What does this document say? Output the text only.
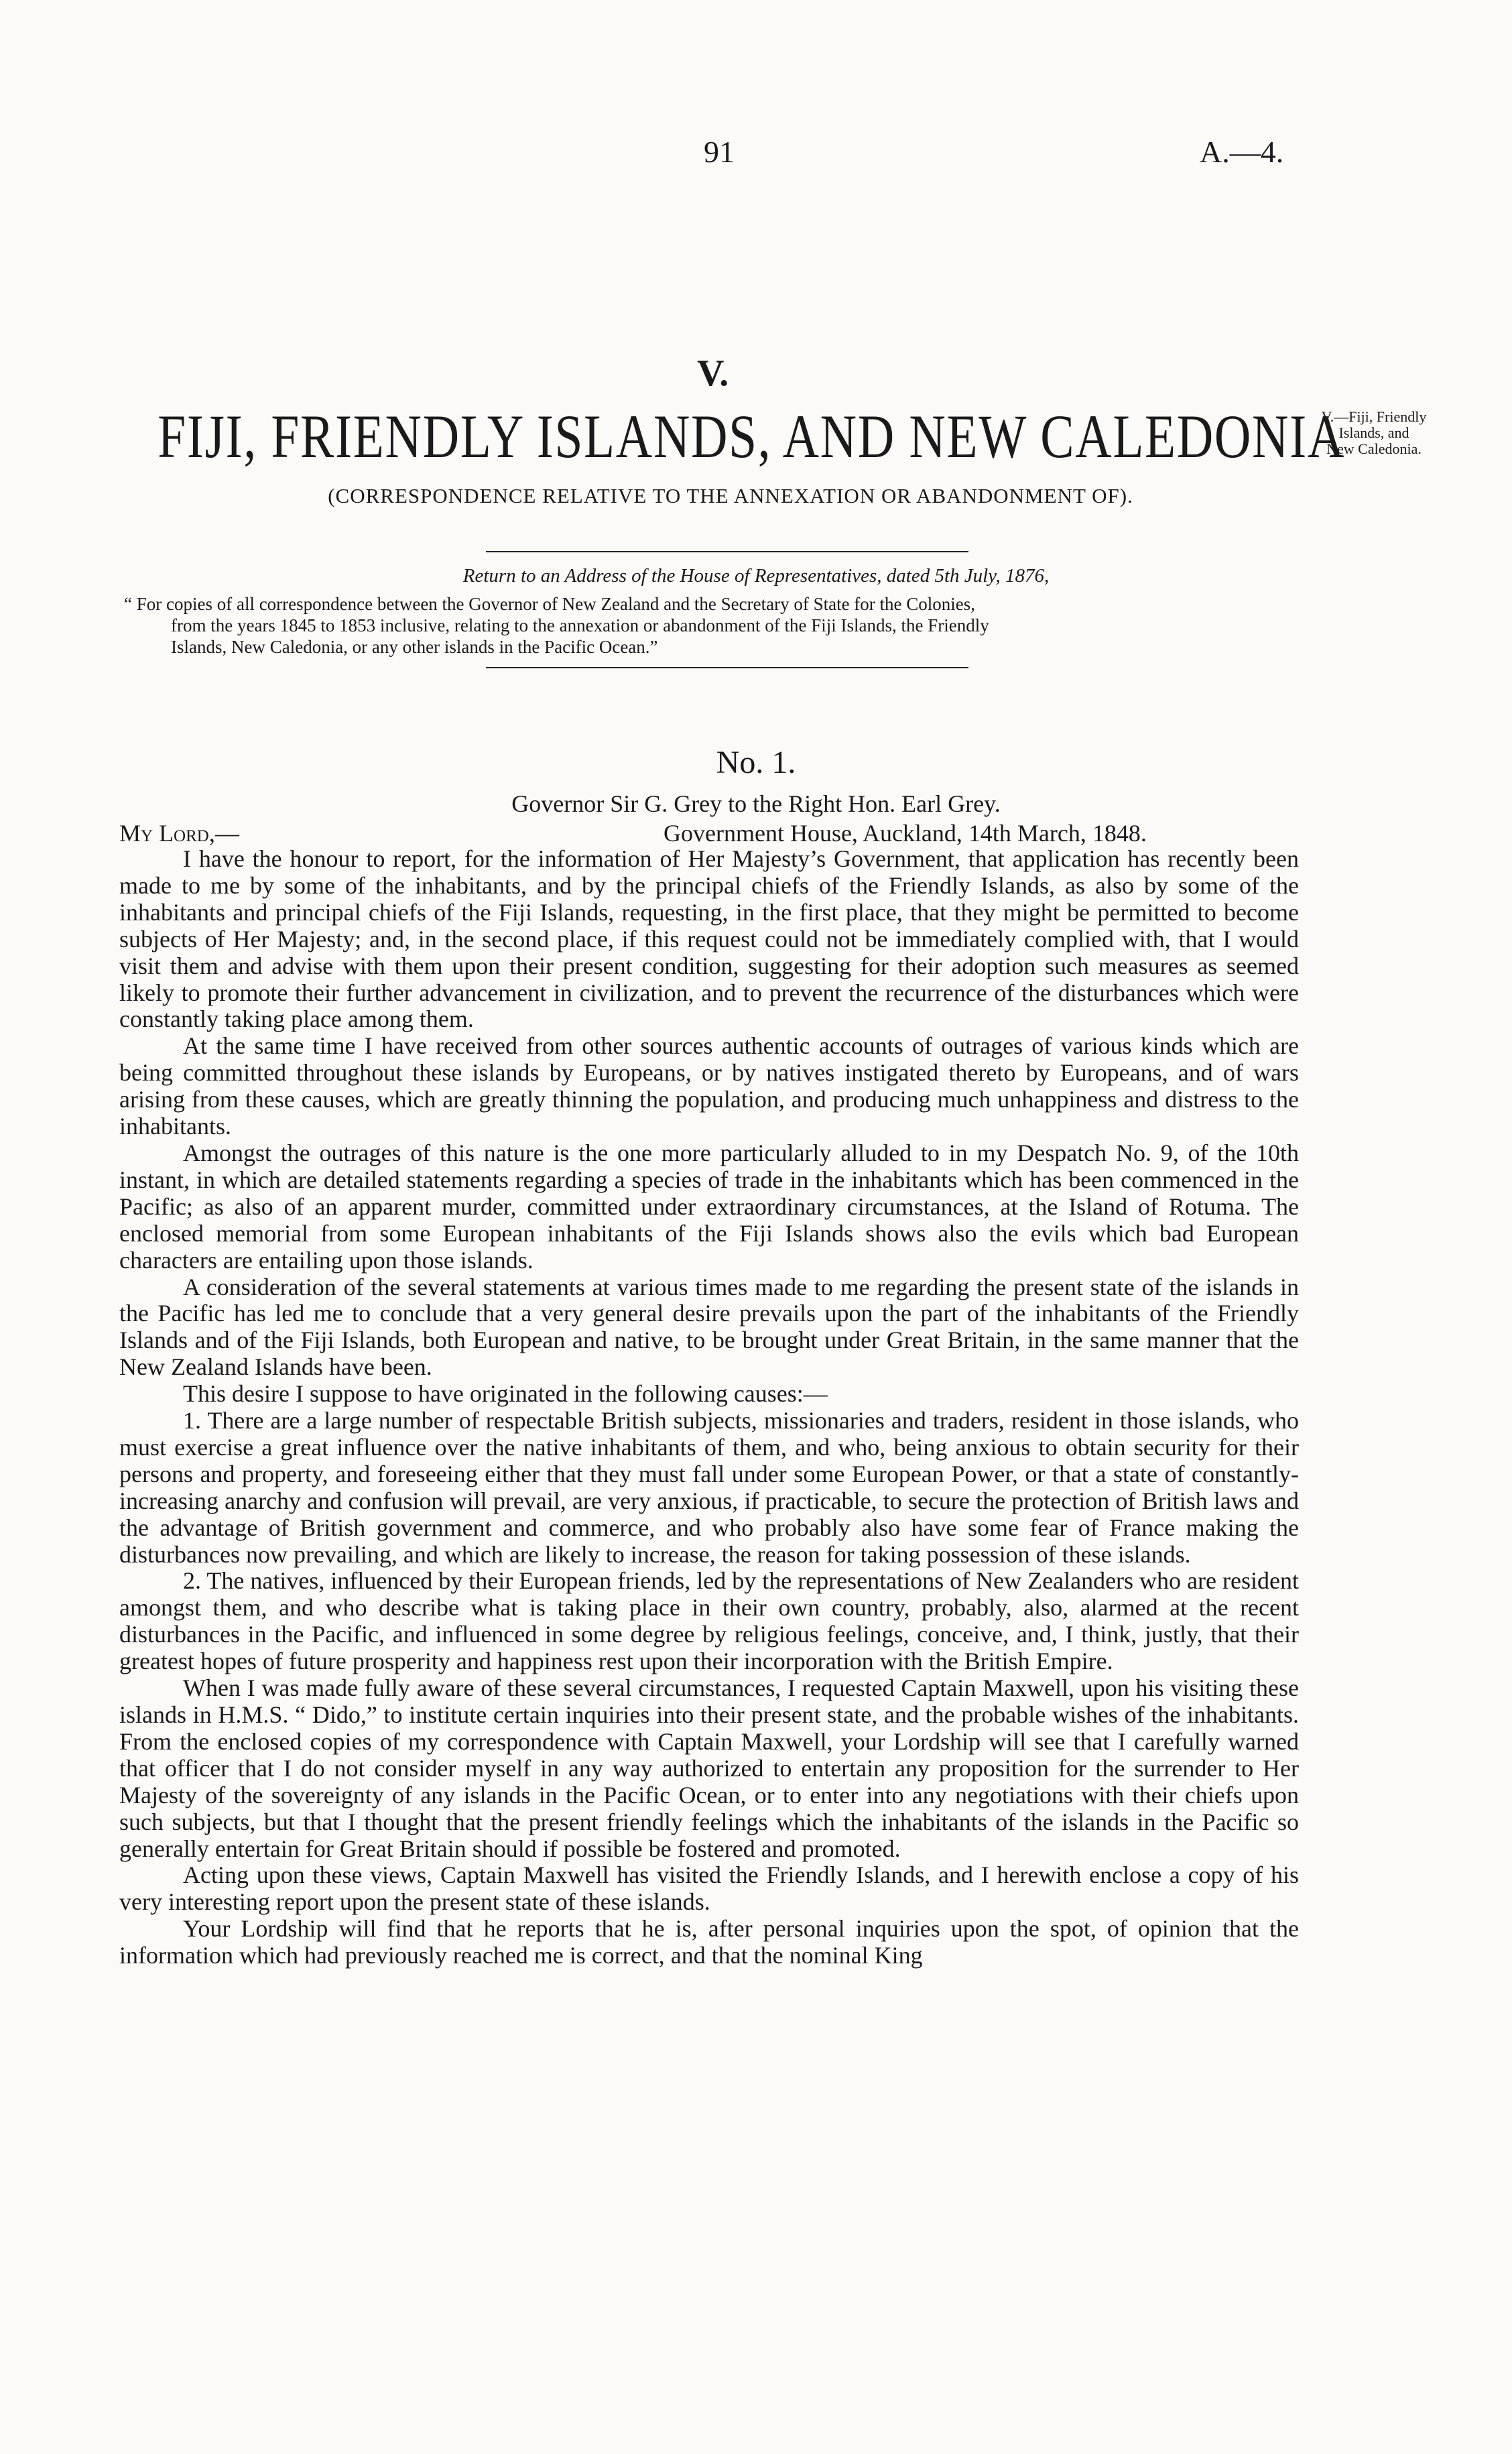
91	A.—4.
V.
FIJI, FRIENDLY ISLANDS, AND NEW CALEDONIA
(CORRESPONDENCE RELATIVE TO THE ANNEXATION OR ABANDONMENT OF).
V.—Fiji, Friendly
Islands, and
New Caledonia.
Return to an Address of the House of Representatives, dated 5th July, 1876,

“ For copies of all correspondence between the Governor of New Zealand and the Secretary of State for the Colonies,

from the years 1845 to 1853 inclusive, relating to the annexation or abandonment of the Fiji Islands, the Friendly

Islands, New Caledonia, or any other islands in the Pacific Ocean.”

No. 1.
Governor Sir G. Grey to the Right Hon. Earl Grey.
My Lord,—	Government House, Auckland, 14th March, 1848.

I have the honour to report, for the information of Her Majesty’s Government, that application has recently been made to me by some of the inhabitants, and by the principal chiefs of the Friendly Islands, as also by some of the inhabitants and principal chiefs of the Fiji Islands, requesting, in the first place, that they might be permitted to become subjects of Her Majesty; and, in the second place, if this request could not be immediately complied with, that I would visit them and advise with them upon their present condition, suggesting for their adoption such measures as seemed likely to promote their further advancement in civilization, and to prevent the recurrence of the disturbances which were constantly taking place among them.

At the same time I have received from other sources authentic accounts of outrages of various kinds which are being committed throughout these islands by Europeans, or by natives instigated thereto by Europeans, and of wars arising from these causes, which are greatly thinning the population, and producing much unhappiness and distress to the inhabitants.

Amongst the outrages of this nature is the one more particularly alluded to in my Despatch No. 9, of the 10th instant, in which are detailed statements regarding a species of trade in the inhabitants which has been commenced in the Pacific; as also of an apparent murder, committed under extraordinary circumstances, at the Island of Rotuma. The enclosed memorial from some European inhabitants of the Fiji Islands shows also the evils which bad European characters are entailing upon those islands.

A consideration of the several statements at various times made to me regarding the present state of the islands in the Pacific has led me to conclude that a very general desire prevails upon the part of the inhabitants of the Friendly Islands and of the Fiji Islands, both European and native, to be brought under Great Britain, in the same manner that the New Zealand Islands have been.

This desire I suppose to have originated in the following causes:—

1. There are a large number of respectable British subjects, missionaries and traders, resident in those islands, who must exercise a great influence over the native inhabitants of them, and who, being anxious to obtain security for their persons and property, and foreseeing either that they must fall under some European Power, or that a state of constantly-increasing anarchy and confusion will prevail, are very anxious, if practicable, to secure the protection of British laws and the advantage of British government and commerce, and who probably also have some fear of France making the disturbances now prevailing, and which are likely to increase, the reason for taking possession of these islands.

2. The natives, influenced by their European friends, led by the representations of New Zealanders who are resident amongst them, and who describe what is taking place in their own country, probably, also, alarmed at the recent disturbances in the Pacific, and influenced in some degree by religious feelings, conceive, and, I think, justly, that their greatest hopes of future prosperity and happiness rest upon their incorporation with the British Empire.

When I was made fully aware of these several circumstances, I requested Captain Maxwell, upon his visiting these islands in H.M.S. “ Dido,” to institute certain inquiries into their present state, and the probable wishes of the inhabitants. From the enclosed copies of my correspondence with Captain Maxwell, your Lordship will see that I carefully warned that officer that I do not consider myself in any way authorized to entertain any proposition for the surrender to Her Majesty of the sovereignty of any islands in the Pacific Ocean, or to enter into any negotiations with their chiefs upon such subjects, but that I thought that the present friendly feelings which the inhabitants of the islands in the Pacific so generally entertain for Great Britain should if possible be fostered and promoted.

Acting upon these views, Captain Maxwell has visited the Friendly Islands, and I herewith enclose a copy of his very interesting report upon the present state of these islands.

Your Lordship will find that he reports that he is, after personal inquiries upon the spot, of opinion that the information which had previously reached me is correct, and that the nominal King
